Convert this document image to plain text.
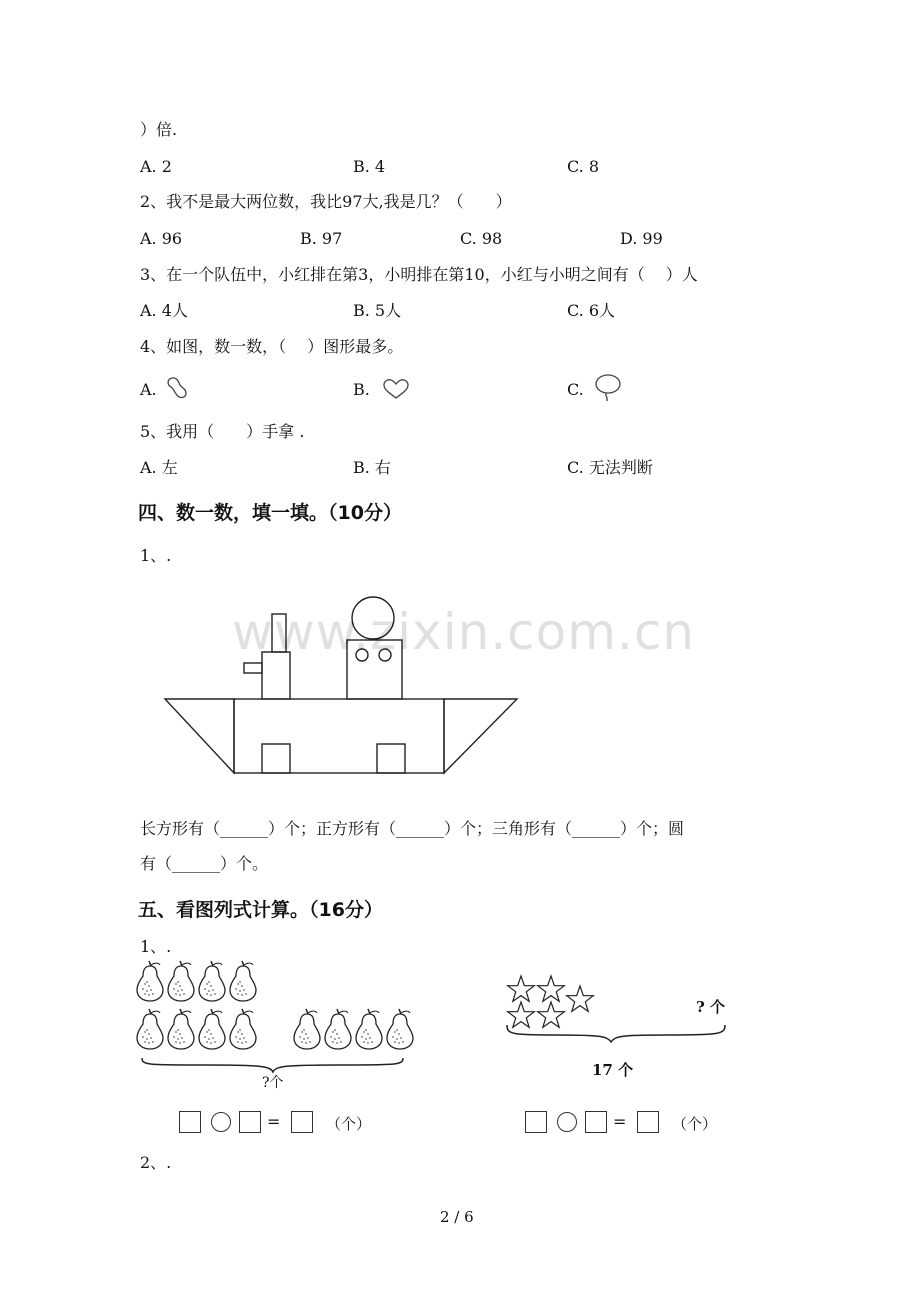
）倍.
A. 2	B. 4	C. 8
2、我不是最大两位数，我比97大,我是几？（　　）
A. 96	B. 97	C. 98	D. 99
3、在一个队伍中，小红排在第3，小明排在第10，小红与小明之间有（　 ）人
A. 4人	B. 5人	C. 6人
4、如图，数一数，（　 ）图形最多。
A.	B.	C.
5、我用（　　）手拿 .
A. 左	B. 右	C. 无法判断
四、数一数，填一填。（10分）
1、.
www.zixin.com.cn
长方形有（______）个；正方形有（______）个；三角形有（______）个；圆
有（______）个。
五、看图列式计算。（16分）
1、.
?个
? 个
17 个
=	（个）	=	（个）
2、.
2 / 6
